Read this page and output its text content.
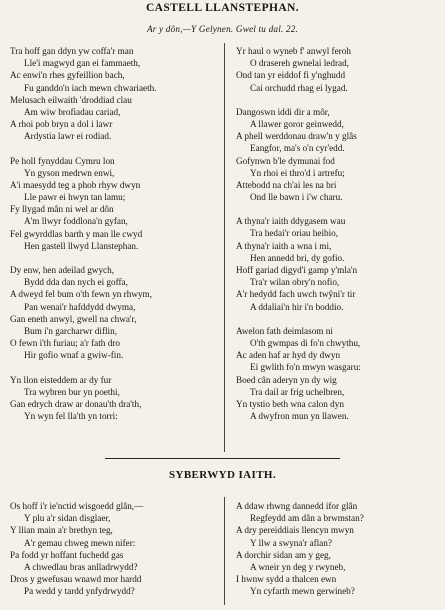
CASTELL LLANSTEPHAN.
Ar y dôn,—Y Gelynen. Gwel tu dal. 22.
Tra hoff gan ddyn yw coffa'r man
Lle'i magwyd gan ei fammaeth,
Ac enwi'n rhes gyfeillion bach,
Fu ganddo'n iach mewn chwariaeth.
Melusach eilwaith 'droddiad clau
Am wiw brofiadau cariad,
A rhoi pob bryn a dol i lawr
Ardystia lawr ei rodiad.
Pe holl fynyddau Cymru lon
Yn gyson medrwn enwi,
A'i maesydd teg a phob rhyw dwyn
Lle pawr ei hwyn tan lamu;
Fy llygad mân ni wel ar dôn
A'm llwyr foddlona'n gyfan,
Fel gwyrddlas barth y man lle cwyd
Hen gastell llwyd Llanstephan.
Dy enw, hen adeilad gwych,
Bydd dda dan nych ei goffa,
A dweyd fel bum o'th fewn yn rhwym,
Pan wenai'r hafddydd dwyma,
Gan eneth anwyl, gwell na chwa'r,
Bum i'n garcharwr diflin,
O fewn i'th furiau; a'r fath dro
Hir gofio wnaf a gwiw-fin.
Yn llon eisteddem ar dy fur
Tra wybren bur yn poethi,
Gan edrych draw ar donau'th dra'th,
Yn wyn fel lla'th yn torri:
Yr haul o wyneb f' anwyl feroh
O drasereh gwnelai ledrad,
Ond tan yr eiddof fi y'nghudd
Cai orchudd rhag ei lygad.
Dangoswn iddi dir a môr,
A llawer goror geinwedd,
A phell werddonau draw'n y glâs
Eangfor, ma's o'n cyr'edd.
Gofynwn b'le dymunai fod
Yn rhoi ei thro'd i artrefu;
Attebodd na ch'ai les na bri
Ond lle bawn i i'w charu.
A thyna'r iaith ddygasem wau
Tra hedai'r oriau heibio,
A thyna'r iaith a wna i mi,
Hen annedd bri, dy gofio.
Hoff gariad digyd'i gamp y'mla'n
Tra'r wilan obry'n nofio,
A'r hedydd fach uwch twŷni'r tir
A ddaliai'n hir i'n boddio.
Awelon fath deimlasom ni
O'th gwmpas di fo'n chwythu,
Ac aden haf ar hyd dy dwyn
Ei gwlith fo'n mwyn wasgaru:
Boed cân aderyn yn dy wig
Tra dail ar frig uchelbren,
Yn tystio beth wna calon dyn
A dwyfron mun yn llawen.
SYBERWYD IAITH.
Os hoff i'r ie'nctid wisgoedd glân,—
Y plu a'r sidan disglaer,
Y llian main a'r brethyn teg,
A'r gemau chweg mewn nifer:
Pa fodd yr hoffant fuchedd gas
A chwedlau bras anlladrwydd?
Dros y gwefusau wnawd mor hardd
Pa wedd y tardd ynfydrwydd?
A ddaw rhwng dannedd ifor glân
Regfeydd am dân a brwmstan?
A dry pereiddiais llencyn mwyn
Y llw a swyna'r aflan?
A dorchir sidan am y geg,
A wneir yn deg y rwyneb,
I hwnw sydd a thalcen ewn
Yn cyfarth mewn gerwineb?
